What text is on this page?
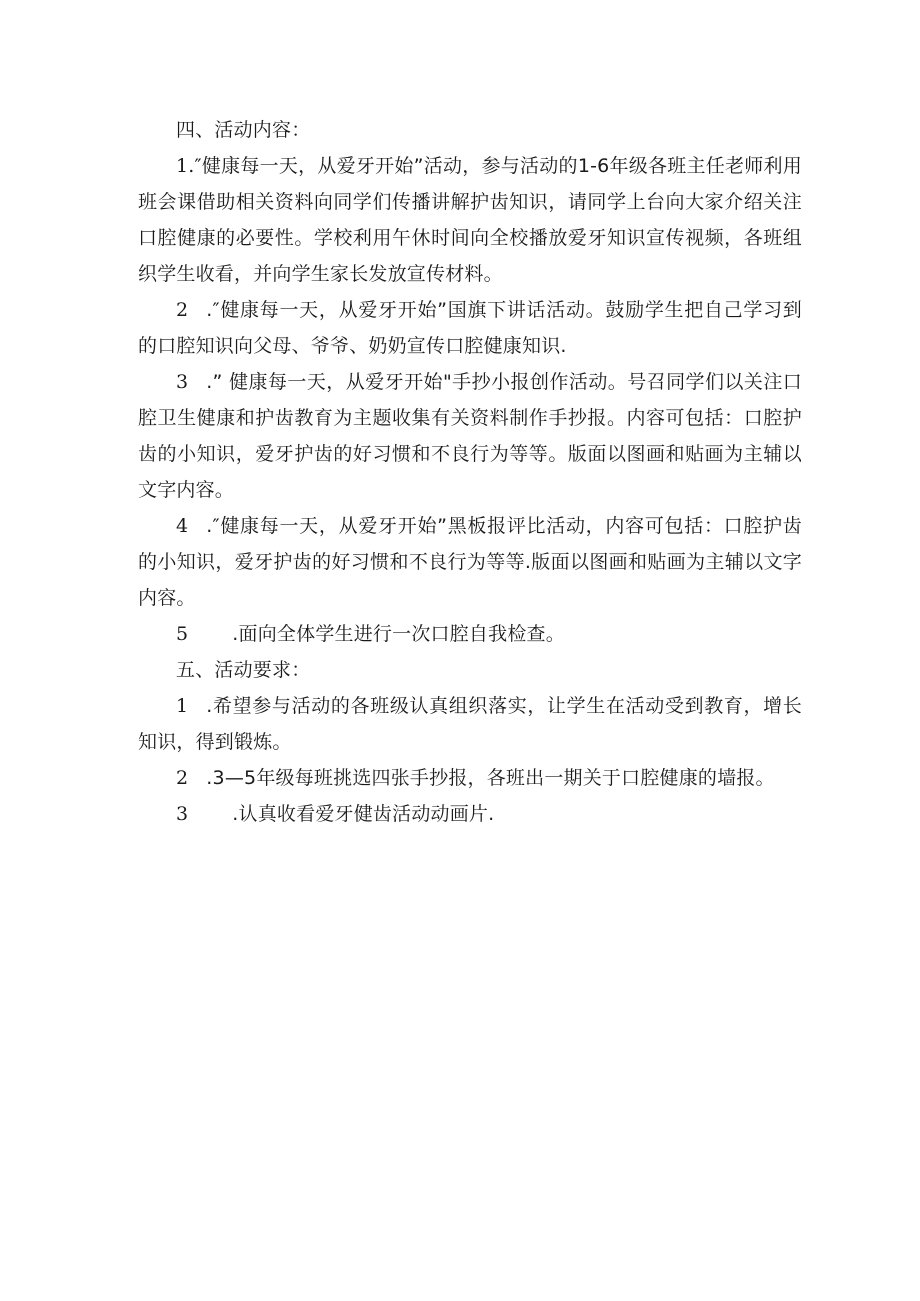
四、活动内容：

1.″健康每一天，从爱牙开始”活动，参与活动的1-6年级各班主任老师利用班会课借助相关资料向同学们传播讲解护齿知识，请同学上台向大家介绍关注口腔健康的必要性。学校利用午休时间向全校播放爱牙知识宣传视频，各班组织学生收看，并向学生家长发放宣传材料。

2 .″健康每一天，从爱牙开始”国旗下讲话活动。鼓励学生把自己学习到的口腔知识向父母、爷爷、奶奶宣传口腔健康知识.

3 .” 健康每一天，从爱牙开始"手抄小报创作活动。号召同学们以关注口腔卫生健康和护齿教育为主题收集有关资料制作手抄报。内容可包括：口腔护齿的小知识，爱牙护齿的好习惯和不良行为等等。版面以图画和贴画为主辅以文字内容。

4 .″健康每一天，从爱牙开始”黑板报评比活动，内容可包括：口腔护齿的小知识，爱牙护齿的好习惯和不良行为等等.版面以图画和贴画为主辅以文字内容。

5 .面向全体学生进行一次口腔自我检查。

五、活动要求：

1 .希望参与活动的各班级认真组织落实，让学生在活动受到教育，增长知识，得到锻炼。

2 .3—5年级每班挑选四张手抄报，各班出一期关于口腔健康的墙报。

3 .认真收看爱牙健齿活动动画片.
